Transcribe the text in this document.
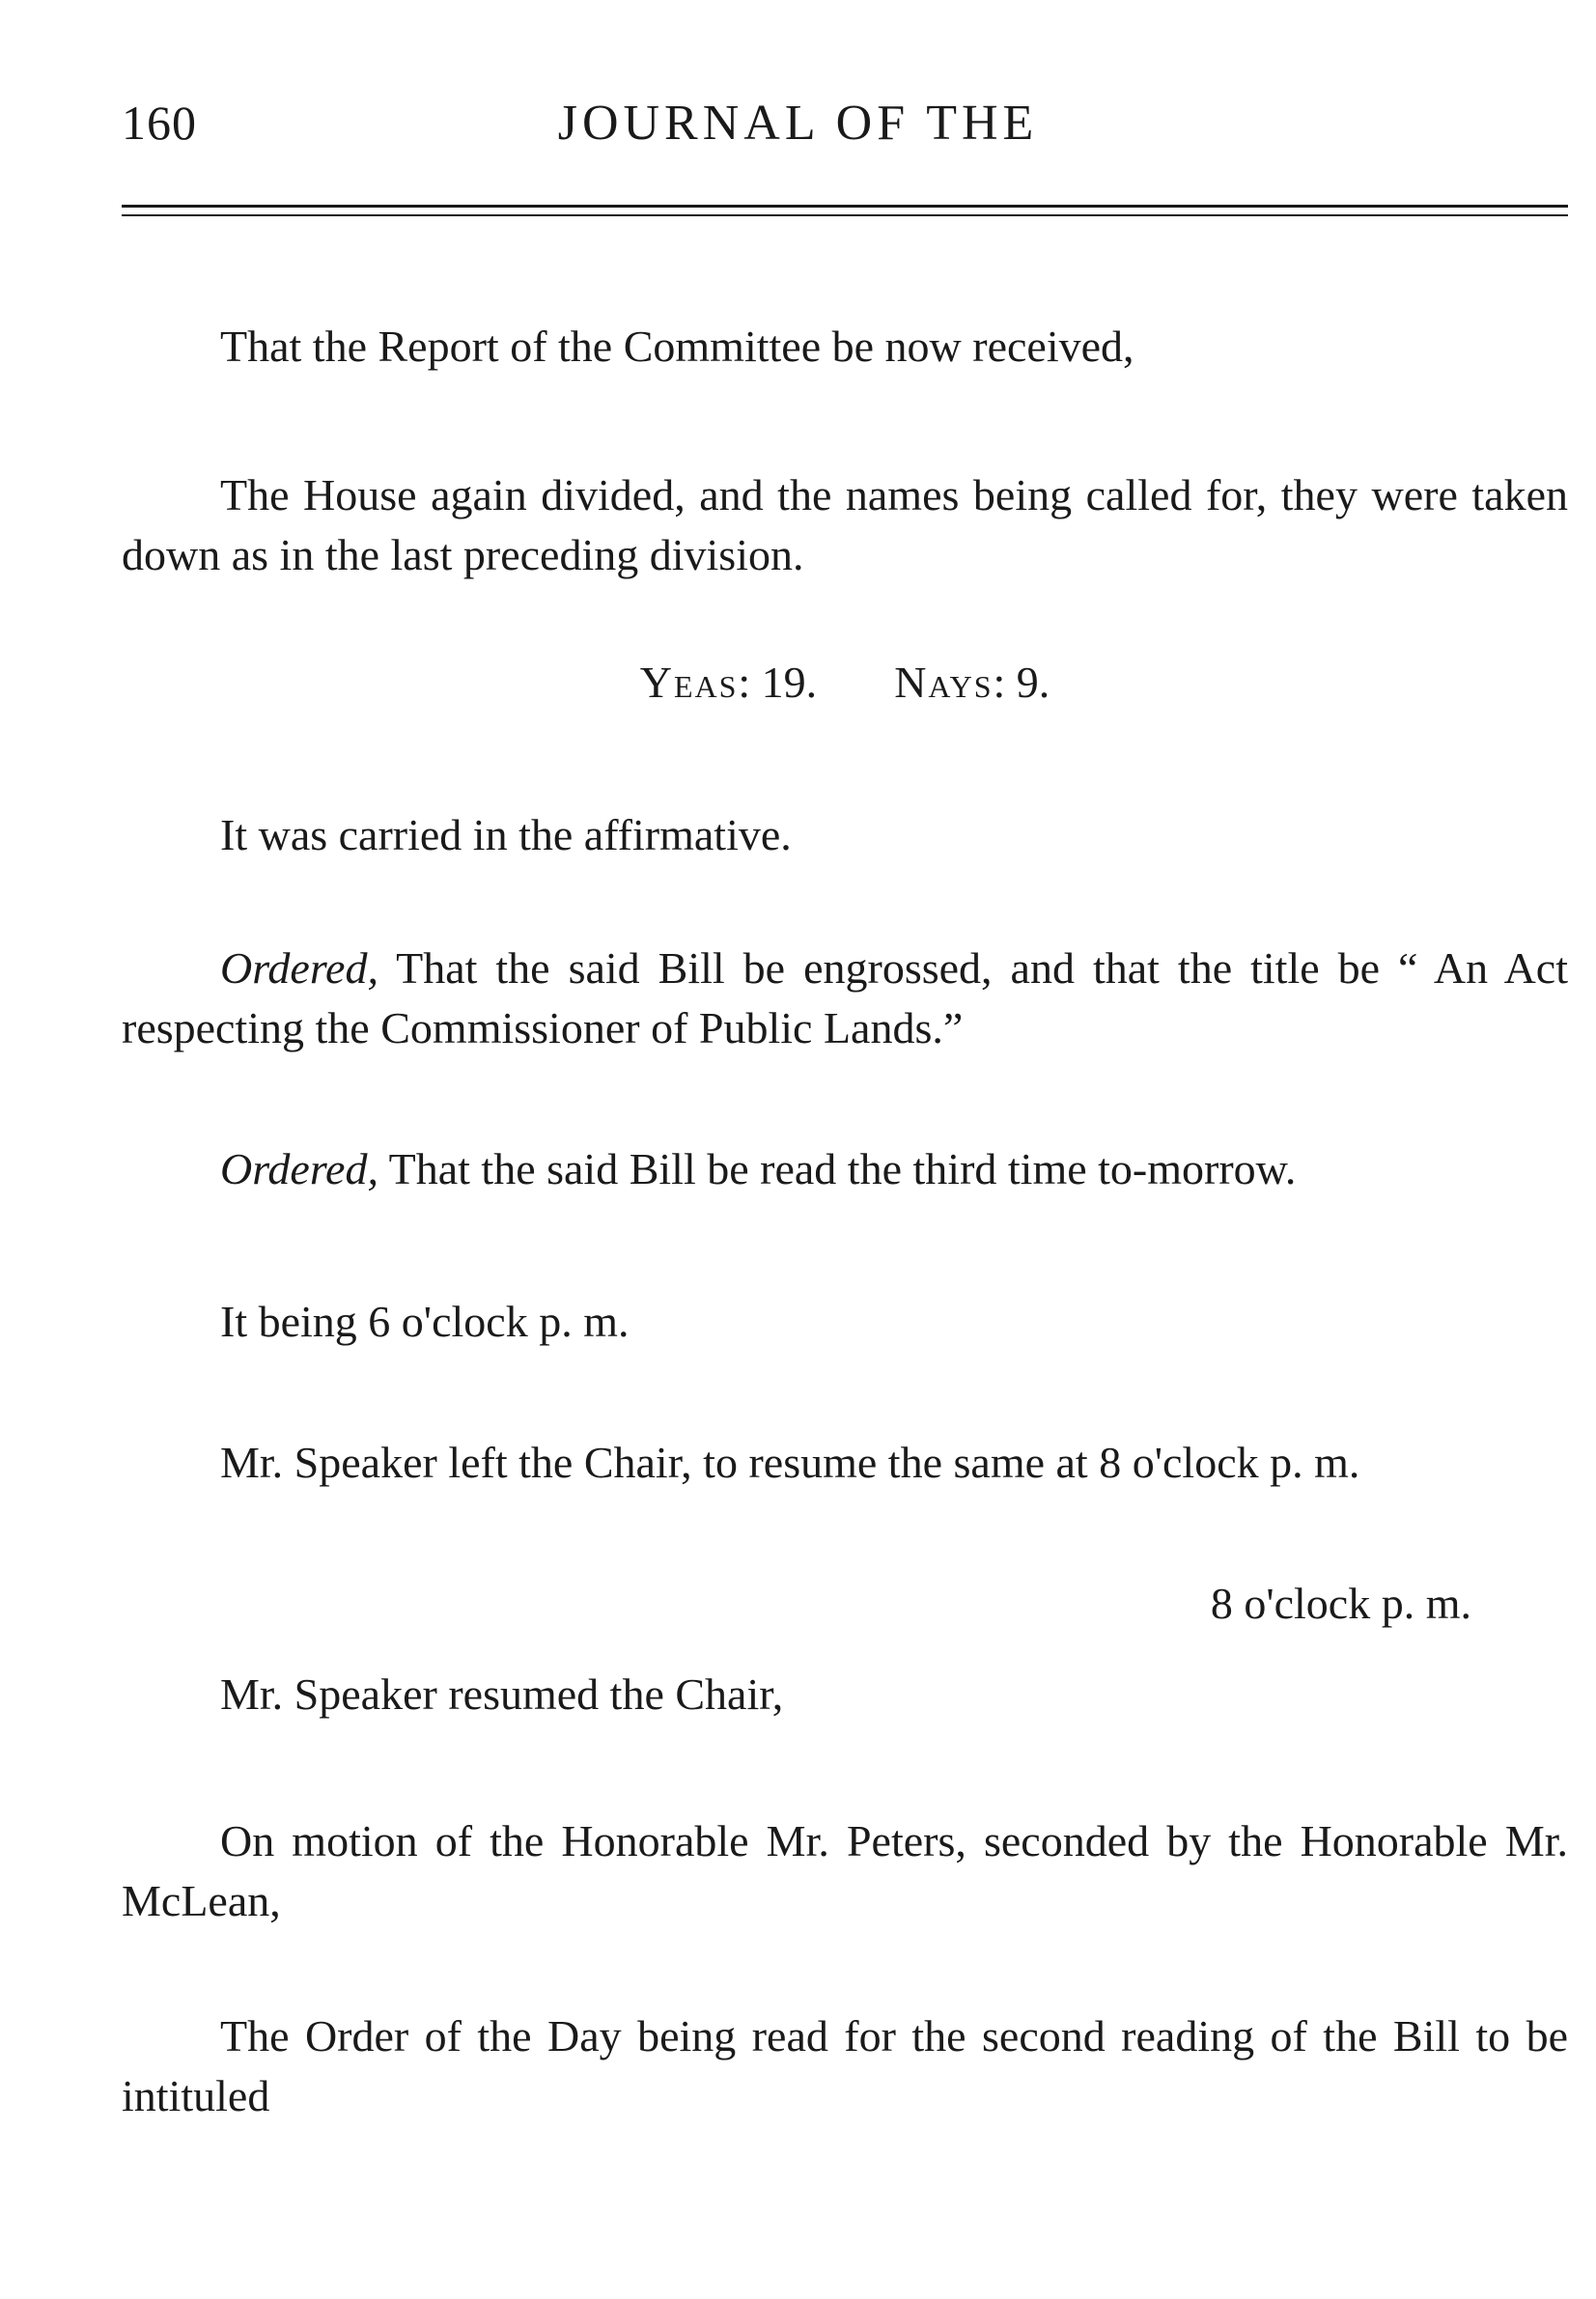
160	JOURNAL OF THE

That the Report of the Committee be now received,

The House again divided, and the names being called for, they were taken down as in the last preceding division.

Yeas: 19. Nays: 9.

It was carried in the affirmative.

Ordered, That the said Bill be engrossed, and that the title be “ An Act respecting the Commissioner of Public Lands.”

Ordered, That the said Bill be read the third time to-morrow.

It being 6 o'clock p. m.

Mr. Speaker left the Chair, to resume the same at 8 o'clock p. m.

8 o'clock p. m.

Mr. Speaker resumed the Chair,

On motion of the Honorable Mr. Peters, seconded by the Honorable Mr. McLean,

The Order of the Day being read for the second reading of the Bill to be intituled
